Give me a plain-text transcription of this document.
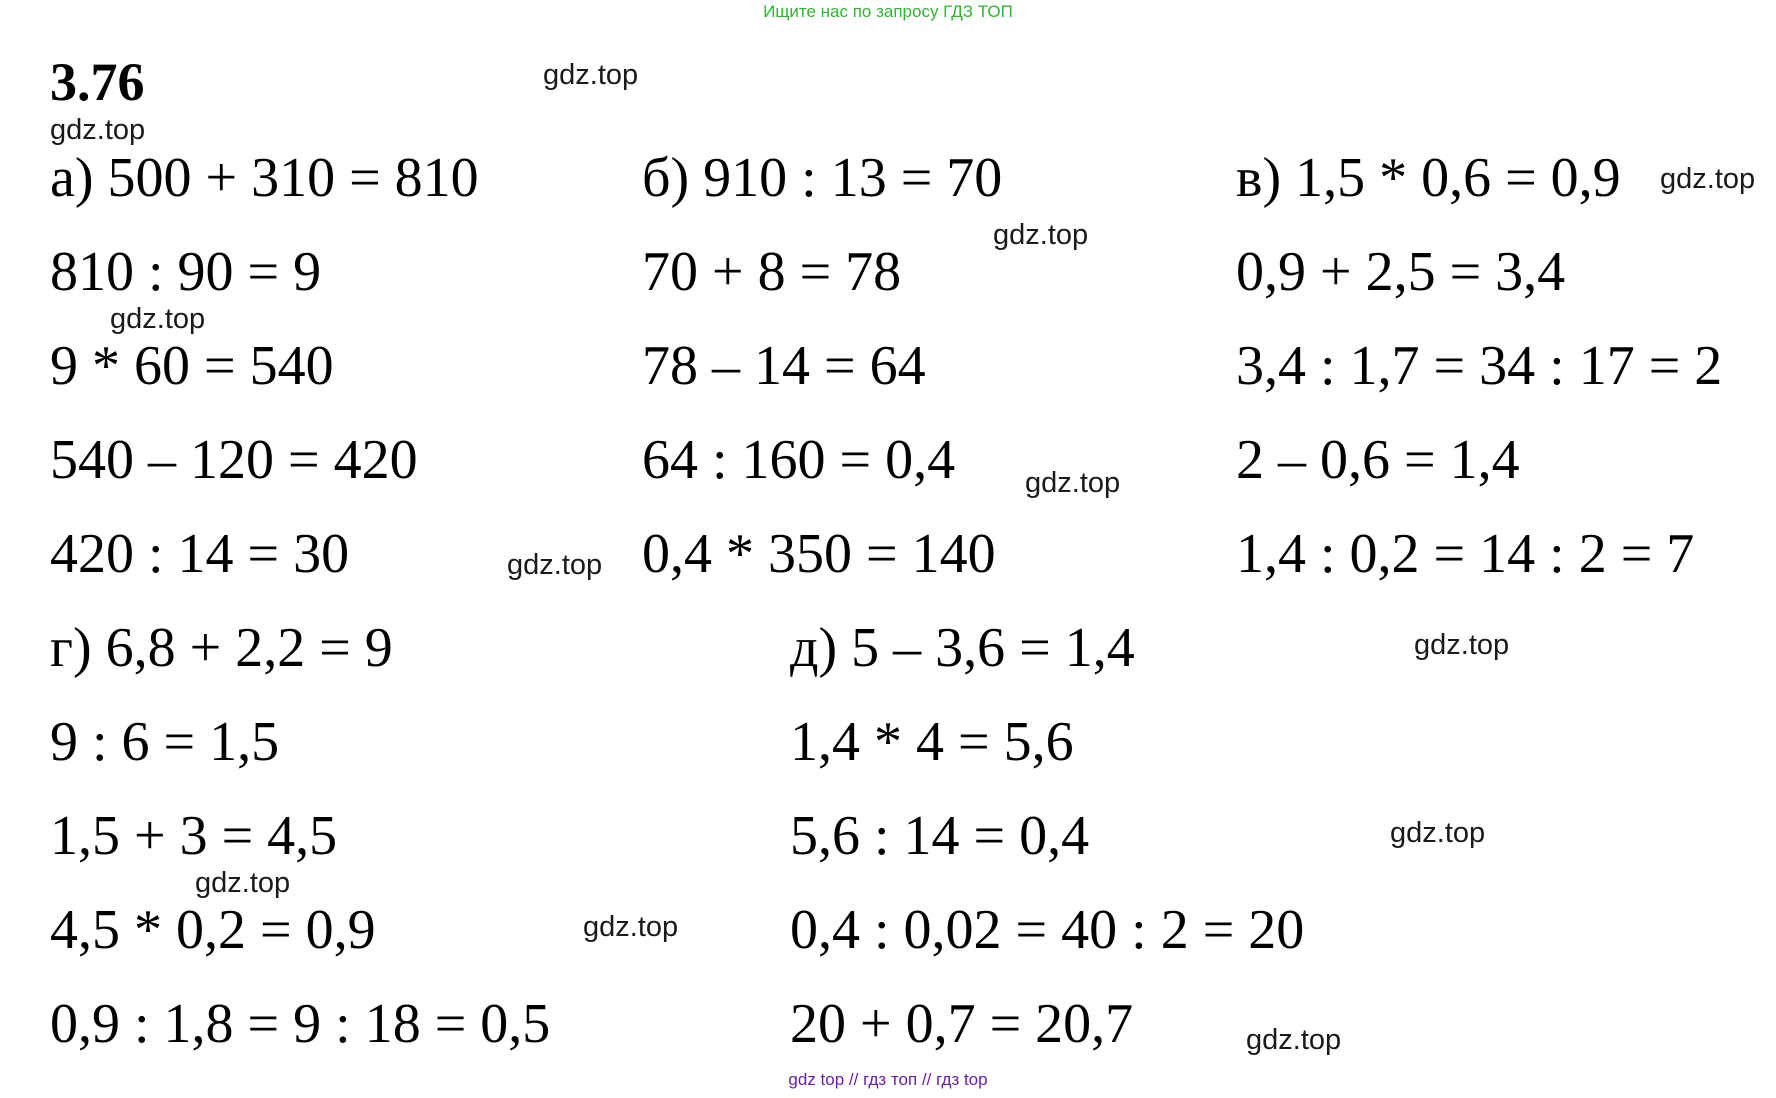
Ищите нас по запросу ГДЗ ТОП
3.76
а) 500 + 310 = 810
810 : 90 = 9
9 * 60 = 540
540 – 120 = 420
420 : 14 = 30
б) 910 : 13 = 70
70 + 8 = 78
78 – 14 = 64
64 : 160 = 0,4
0,4 * 350 = 140
в) 1,5 * 0,6 = 0,9
0,9 + 2,5 = 3,4
3,4 : 1,7 = 34 : 17 = 2
2 – 0,6 = 1,4
1,4 : 0,2 = 14 : 2 = 7
г) 6,8 + 2,2 = 9
9 : 6 = 1,5
1,5 + 3 = 4,5
4,5 * 0,2 = 0,9
0,9 : 1,8 = 9 : 18 = 0,5
д) 5 – 3,6 = 1,4
1,4 * 4 = 5,6
5,6 : 14 = 0,4
0,4 : 0,02 = 40 : 2 = 20
20 + 0,7 = 20,7
gdz.top
gdz.top
gdz.top
gdz.top
gdz.top
gdz.top
gdz.top
gdz.top
gdz.top
gdz.top
gdz.top
gdz.top
gdz top // гдз топ // гдз top
